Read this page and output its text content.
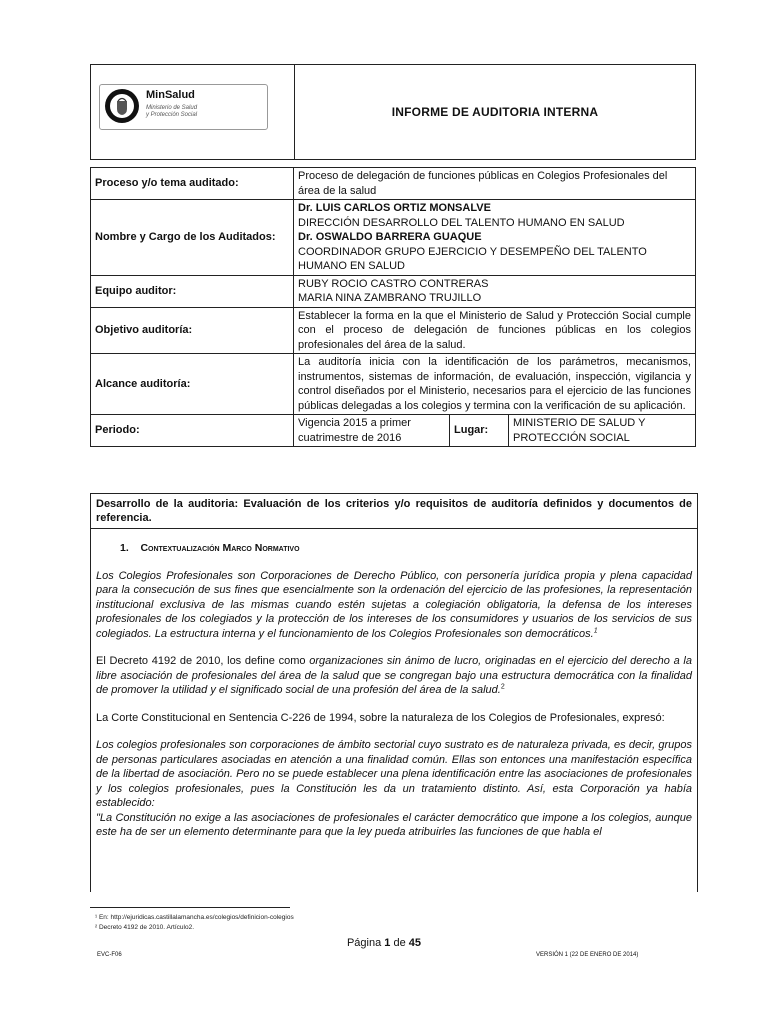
MinSalud
Ministerio de Salud
y Protección Social	INFORME DE AUDITORIA INTERNA
Proceso y/o tema auditado:	Proceso de delegación de funciones públicas en Colegios Profesionales del área de la salud		
Nombre y Cargo de los Auditados:	Dr. LUIS CARLOS ORTIZ MONSALVE
DIRECCIÓN DESARROLLO DEL TALENTO HUMANO EN SALUD
Dr. OSWALDO BARRERA GUAQUE
COORDINADOR GRUPO EJERCICIO Y DESEMPEÑO DEL TALENTO HUMANO EN SALUD		

Equipo auditor:	RUBY ROCIO CASTRO CONTRERAS
MARIA NINA ZAMBRANO TRUJILLO		

Objetivo auditoría:	Establecer la forma en la que el Ministerio de Salud y Protección Social cumple con el proceso de delegación de funciones públicas en los colegios profesionales del área de la salud.		
Alcance auditoría:	La auditoría inicia con la identificación de los parámetros, mecanismos, instrumentos, sistemas de información, de evaluación, inspección, vigilancia y control diseñados por el Ministerio, necesarios para el ejercicio de las funciones públicas delegadas a los colegios y termina con la verificación de su aplicación.		
Periodo:	Vigencia 2015 a primer cuatrimestre de 2016	Lugar:	MINISTERIO DE SALUD Y PROTECCIÓN SOCIAL
Desarrollo de la auditoria: Evaluación de los criterios y/o requisitos de auditoría definidos y documentos de referencia.
1. Contextualización Marco Normativo
Los Colegios Profesionales son Corporaciones de Derecho Público, con personería jurídica propia y plena capacidad para la consecución de sus fines que esencialmente son la ordenación del ejercicio de las profesiones, la representación institucional exclusiva de las mismas cuando estén sujetas a colegiación obligatoria, la defensa de los intereses profesionales de los colegiados y la protección de los intereses de los consumidores y usuarios de los servicios de sus colegiados. La estructura interna y el funcionamiento de los Colegios Profesionales son democráticos.$^1$
El Decreto 4192 de 2010, los define como organizaciones sin ánimo de lucro, originadas en el ejercicio del derecho a la libre asociación de profesionales del área de la salud que se congregan bajo una estructura democrática con la finalidad de promover la utilidad y el significado social de una profesión del área de la salud.$^2$
La Corte Constitucional en Sentencia C-226 de 1994, sobre la naturaleza de los Colegios de Profesionales, expresó:
Los colegios profesionales son corporaciones de ámbito sectorial cuyo sustrato es de naturaleza privada, es decir, grupos de personas particulares asociadas en atención a una finalidad común. Ellas son entonces una manifestación específica de la libertad de asociación. Pero no se puede establecer una plena identificación entre las asociaciones de profesionales y los colegios profesionales, pues la Constitución les da un tratamiento distinto. Así, esta Corporación ya había establecido:
"La Constitución no exige a las asociaciones de profesionales el carácter democrático que impone a los colegios, aunque este ha de ser un elemento determinante para que la ley pueda atribuirles las funciones de que habla el
¹ En: http://ejuridicas.castillalamancha.es/colegios/definicion-colegios
² Decreto 4192 de 2010. Artículo2.
Página 1 de 45
EVC-F06	VERSIÓN 1 (22 DE ENERO DE 2014)
